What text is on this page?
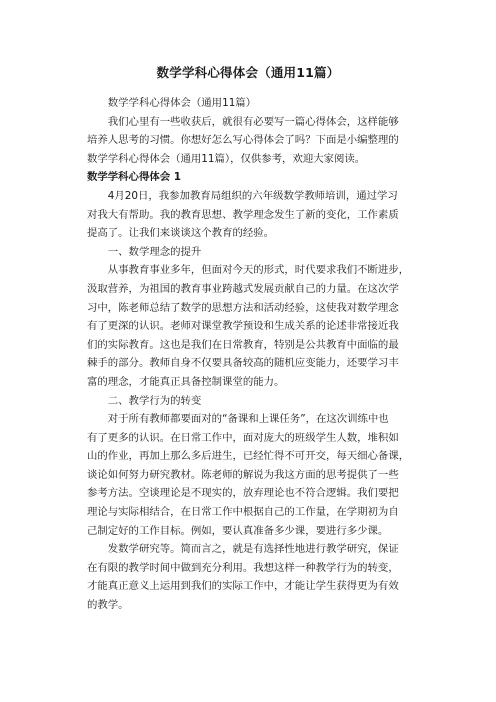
数学学科心得体会（通用11篇）

　　数学学科心得体会（通用11篇）

　　我们心里有一些收获后，就很有必要写一篇心得体会，这样能够

培养人思考的习惯。你想好怎么写心得体会了吗？下面是小编整理的

数学学科心得体会（通用11篇），仅供参考，欢迎大家阅读。

数学学科心得体会 1

　　4月20日，我参加教育局组织的六年级数学教师培训，通过学习

对我大有帮助。我的教育思想、教学理念发生了新的变化，工作素质

提高了。让我们来谈谈这个教育的经验。

　　一、数学理念的提升

　　从事教育事业多年，但面对今天的形式，时代要求我们不断进步，

汲取营养，为祖国的教育事业跨越式发展贡献自己的力量。在这次学

习中，陈老师总结了数学的思想方法和活动经验，这使我对数学理念

有了更深的认识。老师对课堂教学预设和生成关系的论述非常接近我

们的实际教育。这也是我们在日常教育，特别是公共教育中面临的最

棘手的部分。教师自身不仅要具备较高的随机应变能力，还要学习丰

富的理念，才能真正具备控制课堂的能力。

　　二、教学行为的转变

　　对于所有教师都要面对的“备课和上课任务”，在这次训练中也

有了更多的认识。在日常工作中，面对庞大的班级学生人数，堆积如

山的作业，再加上那么多后进生，已经忙得不可开交，每天细心备课，

谈论如何努力研究教材。陈老师的解说为我这方面的思考提供了一些

参考方法。空谈理论是不现实的，放弃理论也不符合逻辑。我们要把

理论与实际相结合，在日常工作中根据自己的工作量，在学期初为自

己制定好的工作目标。例如，要认真准备多少课，要进行多少课。

　　发数学研究等。简而言之，就是有选择性地进行教学研究，保证

在有限的教学时间中做到充分利用。我想这样一种教学行为的转变，

才能真正意义上运用到我们的实际工作中，才能让学生获得更为有效

的教学。
